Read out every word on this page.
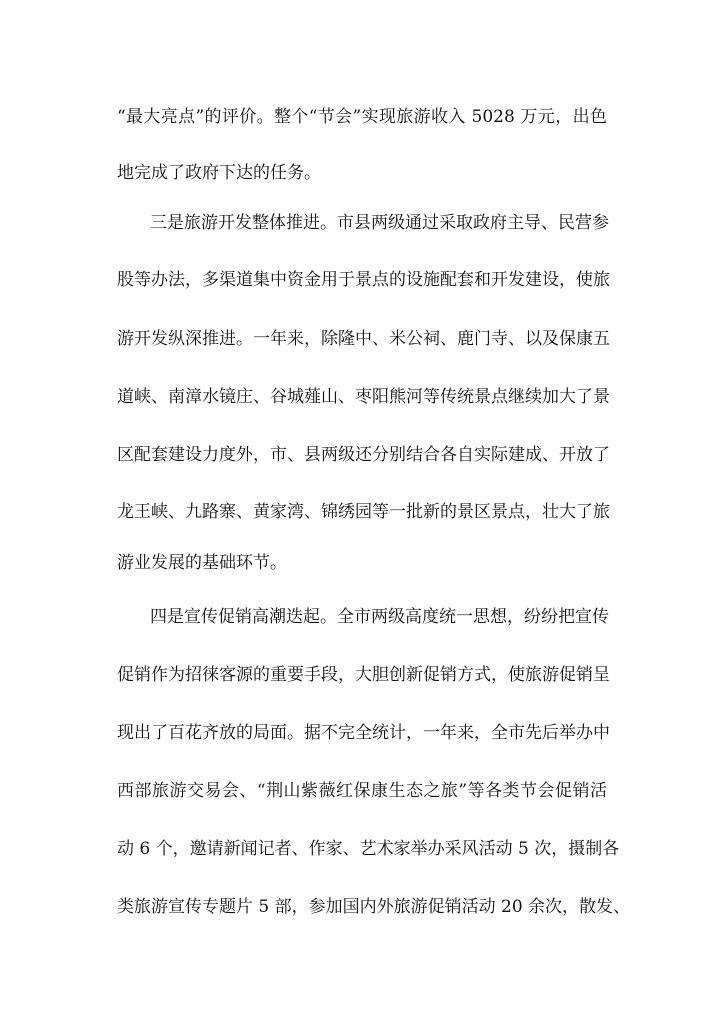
“最大亮点”的评价。整个“节会”实现旅游收入 5028 万元，出色
地完成了政府下达的任务。
三是旅游开发整体推进。市县两级通过采取政府主导、民营参
股等办法，多渠道集中资金用于景点的设施配套和开发建设，使旅
游开发纵深推进。一年来，除隆中、米公祠、鹿门寺、以及保康五
道峡、南漳水镜庄、谷城薤山、枣阳熊河等传统景点继续加大了景
区配套建设力度外，市、县两级还分别结合各自实际建成、开放了
龙王峡、九路寨、黄家湾、锦绣园等一批新的景区景点，壮大了旅
游业发展的基础环节。
四是宣传促销高潮迭起。全市两级高度统一思想，纷纷把宣传
促销作为招徕客源的重要手段，大胆创新促销方式，使旅游促销呈
现出了百花齐放的局面。据不完全统计，一年来，全市先后举办中
西部旅游交易会、“荆山紫薇红保康生态之旅”等各类节会促销活
动 6 个，邀请新闻记者、作家、艺术家举办采风活动 5 次，摄制各
类旅游宣传专题片 5 部，参加国内外旅游促销活动 20 余次，散发、
